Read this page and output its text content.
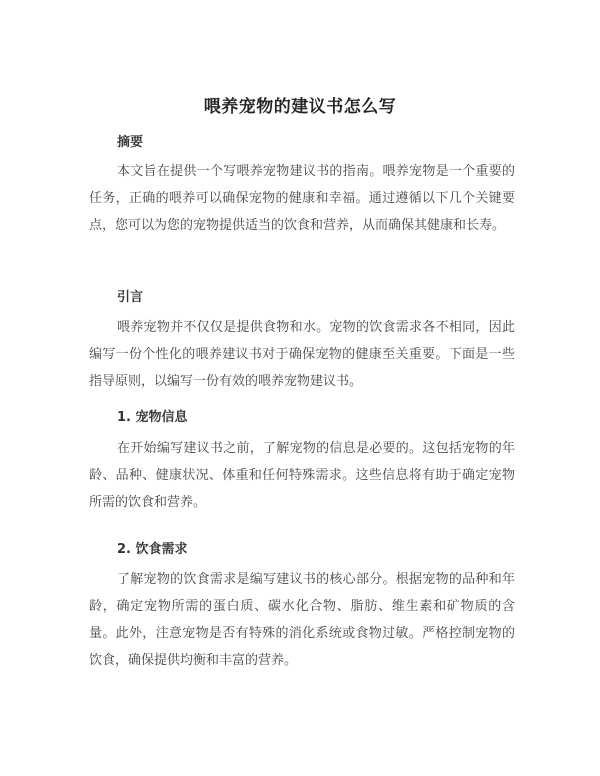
喂养宠物的建议书怎么写
摘要
本文旨在提供一个写喂养宠物建议书的指南。喂养宠物是一个重要的任务，正确的喂养可以确保宠物的健康和幸福。通过遵循以下几个关键要点，您可以为您的宠物提供适当的饮食和营养，从而确保其健康和长寿。
引言
喂养宠物并不仅仅是提供食物和水。宠物的饮食需求各不相同，因此编写一份个性化的喂养建议书对于确保宠物的健康至关重要。下面是一些指导原则，以编写一份有效的喂养宠物建议书。
1. 宠物信息
在开始编写建议书之前，了解宠物的信息是必要的。这包括宠物的年龄、品种、健康状况、体重和任何特殊需求。这些信息将有助于确定宠物所需的饮食和营养。
2. 饮食需求
了解宠物的饮食需求是编写建议书的核心部分。根据宠物的品种和年龄，确定宠物所需的蛋白质、碳水化合物、脂肪、维生素和矿物质的含量。此外，注意宠物是否有特殊的消化系统或食物过敏。严格控制宠物的饮食，确保提供均衡和丰富的营养。
